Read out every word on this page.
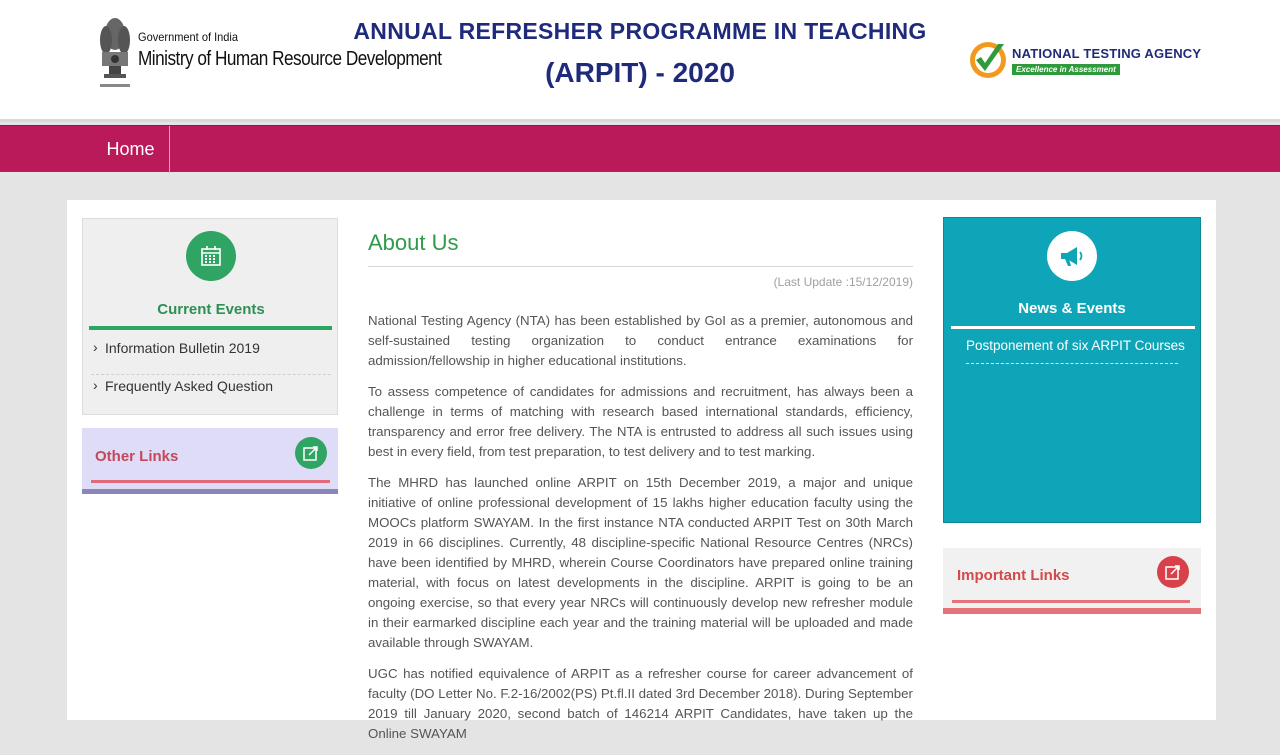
Government of India
Ministry of Human Resource Development
ANNUAL REFRESHER PROGRAMME IN TEACHING
(ARPIT) - 2020
NATIONAL TESTING AGENCY
Excellence in Assessment
Home
Current Events
› Information Bulletin 2019
› Frequently Asked Question
Other Links
About Us
(Last Update :15/12/2019)

National Testing Agency (NTA) has been established by GoI as a premier, autonomous and self-sustained testing organization to conduct entrance examinations for admission/fellowship in higher educational institutions.

To assess competence of candidates for admissions and recruitment, has always been a challenge in terms of matching with research based international standards, efficiency, transparency and error free delivery. The NTA is entrusted to address all such issues using best in every field, from test preparation, to test delivery and to test marking.

The MHRD has launched online ARPIT on 15th December 2019, a major and unique initiative of online professional development of 15 lakhs higher education faculty using the MOOCs platform SWAYAM. In the first instance NTA conducted ARPIT Test on 30th March 2019 in 66 disciplines. Currently, 48 discipline-specific National Resource Centres (NRCs) have been identified by MHRD, wherein Course Coordinators have prepared online training material, with focus on latest developments in the discipline. ARPIT is going to be an ongoing exercise, so that every year NRCs will continuously develop new refresher module in their earmarked discipline each year and the training material will be uploaded and made available through SWAYAM.

UGC has notified equivalence of ARPIT as a refresher course for career advancement of faculty (DO Letter No. F.2-16/2002(PS) Pt.fl.II dated 3rd December 2018). During September 2019 till January 2020, second batch of 146214 ARPIT Candidates, have taken up the Online SWAYAM

News & Events
Postponement of six ARPIT Courses
Important Links
